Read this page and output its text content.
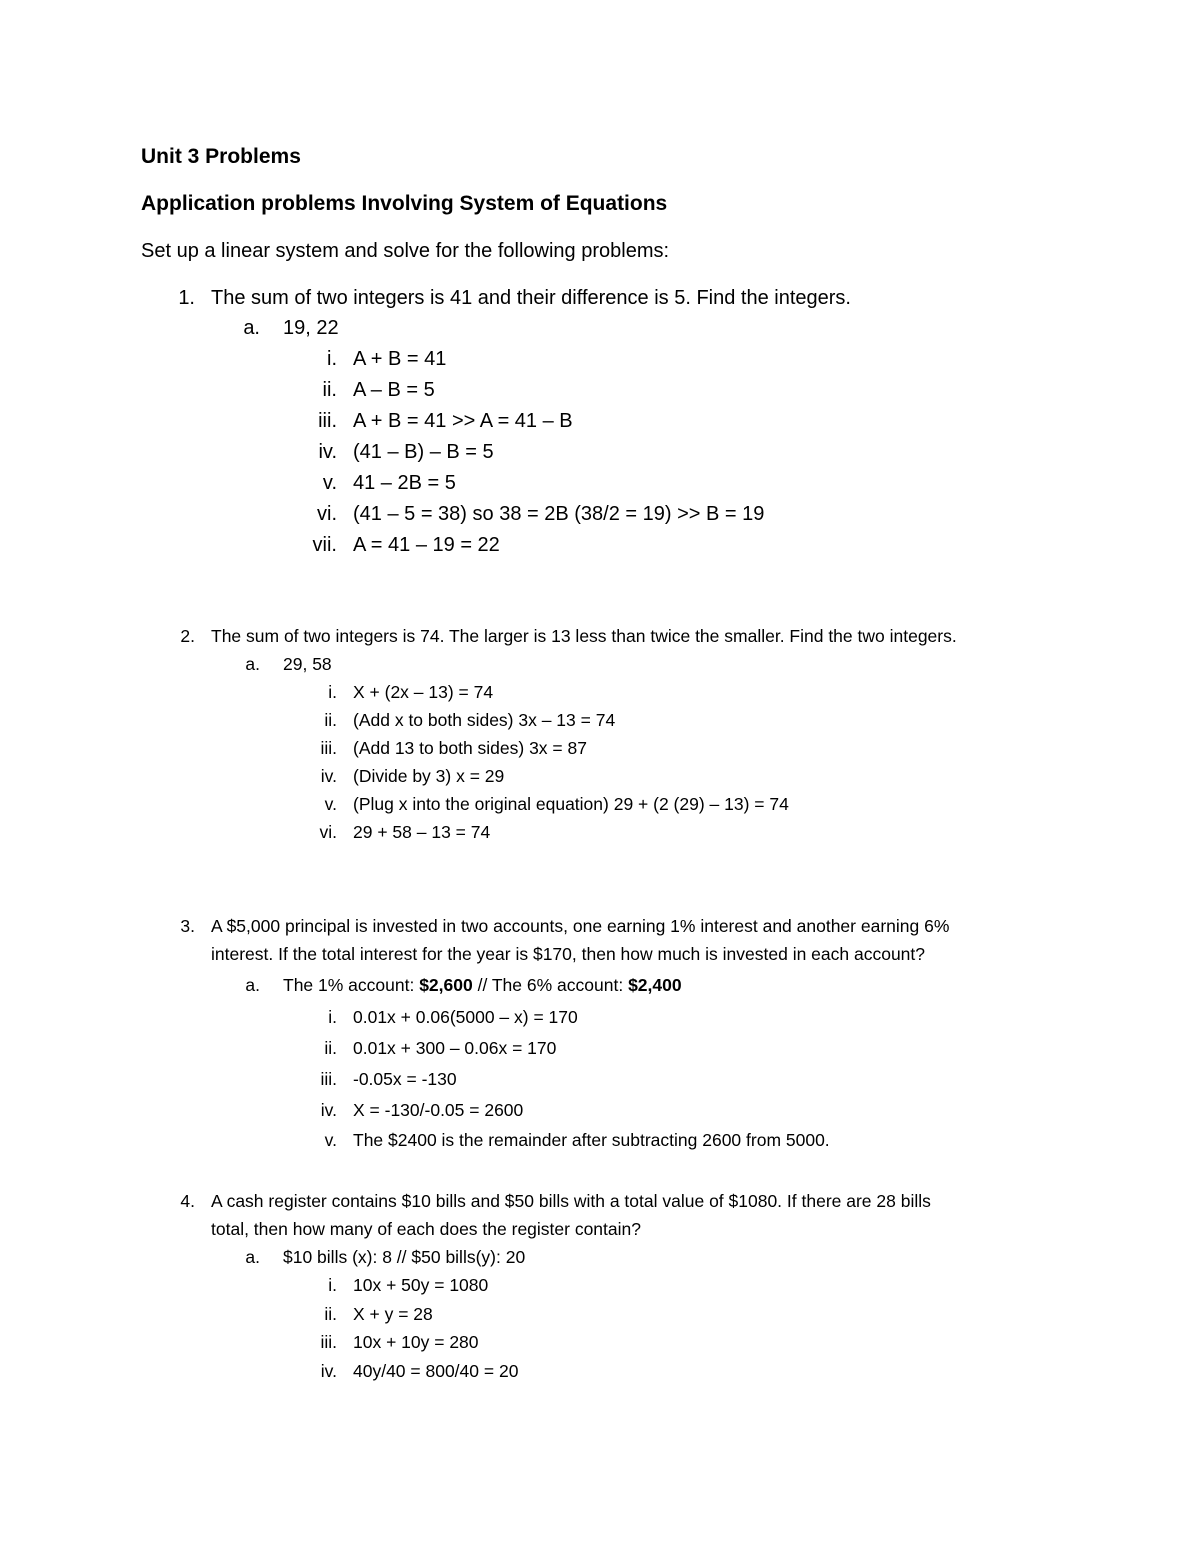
Unit 3 Problems
Application problems Involving System of Equations
Set up a linear system and solve for the following problems:
1. The sum of two integers is 41 and their difference is 5. Find the integers.
a. 19, 22
i. A + B = 41
ii. A – B = 5
iii. A + B = 41 >> A = 41 – B
iv. (41 – B) – B = 5
v. 41 – 2B = 5
vi. (41 – 5 = 38) so 38 = 2B (38/2 = 19) >> B = 19
vii. A = 41 – 19 = 22
2. The sum of two integers is 74. The larger is 13 less than twice the smaller. Find the two integers.
a. 29, 58
i. X + (2x – 13) = 74
ii. (Add x to both sides) 3x – 13 = 74
iii. (Add 13 to both sides) 3x = 87
iv. (Divide by 3) x = 29
v. (Plug x into the original equation) 29 + (2 (29) – 13) = 74
vi. 29 + 58 – 13 = 74
3. A $5,000 principal is invested in two accounts, one earning 1% interest and another earning 6%
interest. If the total interest for the year is $170, then how much is invested in each account?
a. The 1% account: $2,600 // The 6% account: $2,400
i. 0.01x + 0.06(5000 – x) = 170
ii. 0.01x + 300 – 0.06x = 170
iii. -0.05x = -130
iv. X = -130/-0.05 = 2600
v. The $2400 is the remainder after subtracting 2600 from 5000.
4. A cash register contains $10 bills and $50 bills with a total value of $1080. If there are 28 bills
total, then how many of each does the register contain?
a. $10 bills (x): 8 // $50 bills(y): 20
i. 10x + 50y = 1080
ii. X + y = 28
iii. 10x + 10y = 280
iv. 40y/40 = 800/40 = 20
